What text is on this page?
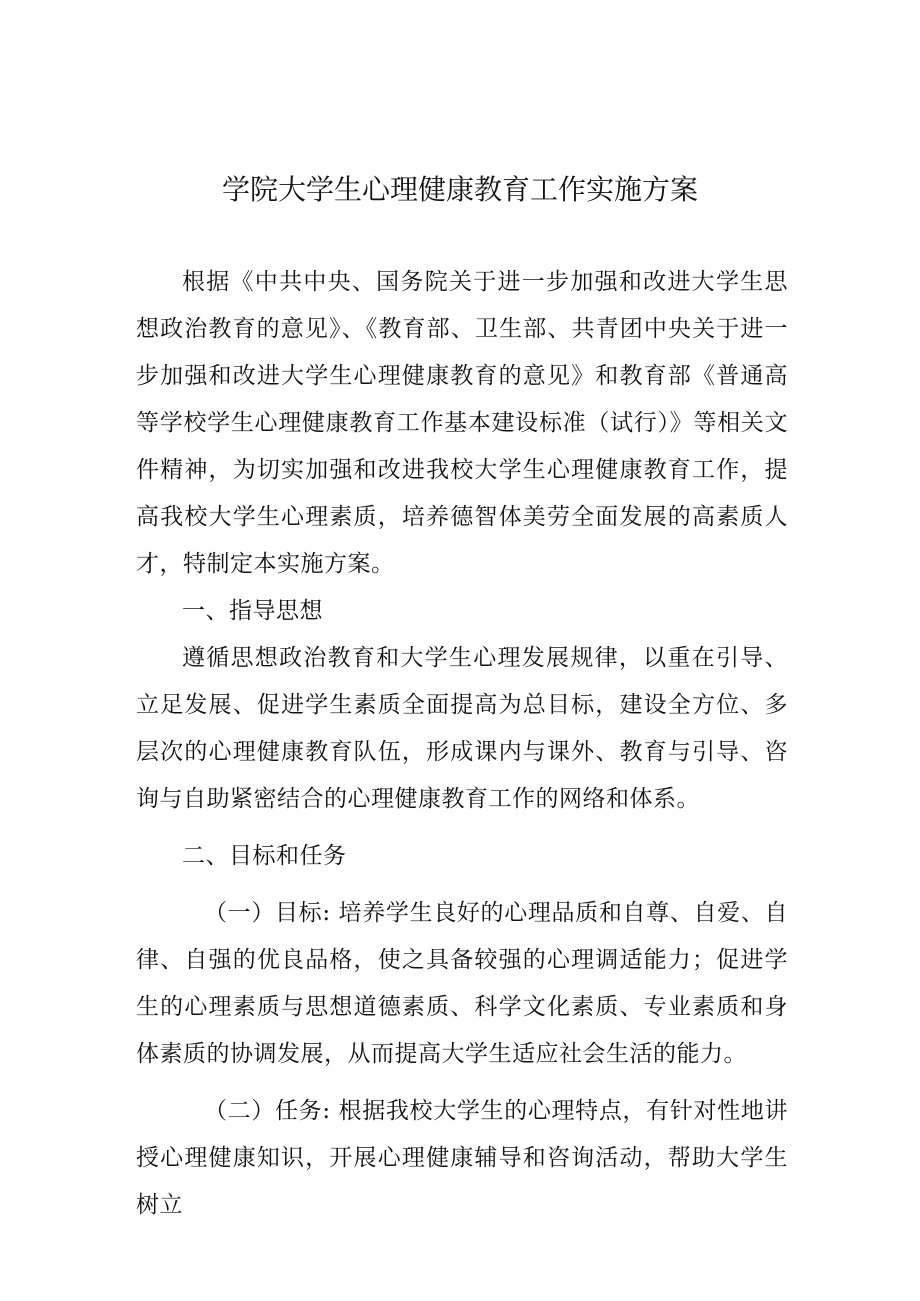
学院大学生心理健康教育工作实施方案

根据《中共中央、国务院关于进一步加强和改进大学生思想政治教育的意见》、《教育部、卫生部、共青团中央关于进一步加强和改进大学生心理健康教育的意见》和教育部《普通高等学校学生心理健康教育工作基本建设标准（试行）》等相关文件精神，为切实加强和改进我校大学生心理健康教育工作，提高我校大学生心理素质，培养德智体美劳全面发展的高素质人才，特制定本实施方案。

一、指导思想

遵循思想政治教育和大学生心理发展规律，以重在引导、立足发展、促进学生素质全面提高为总目标，建设全方位、多层次的心理健康教育队伍，形成课内与课外、教育与引导、咨询与自助紧密结合的心理健康教育工作的网络和体系。

二、目标和任务

（一）目标: 培养学生良好的心理品质和自尊、自爱、自律、自强的优良品格，使之具备较强的心理调适能力；促进学生的心理素质与思想道德素质、科学文化素质、专业素质和身体素质的协调发展，从而提高大学生适应社会生活的能力。

（二）任务: 根据我校大学生的心理特点，有针对性地讲授心理健康知识，开展心理健康辅导和咨询活动，帮助大学生树立
